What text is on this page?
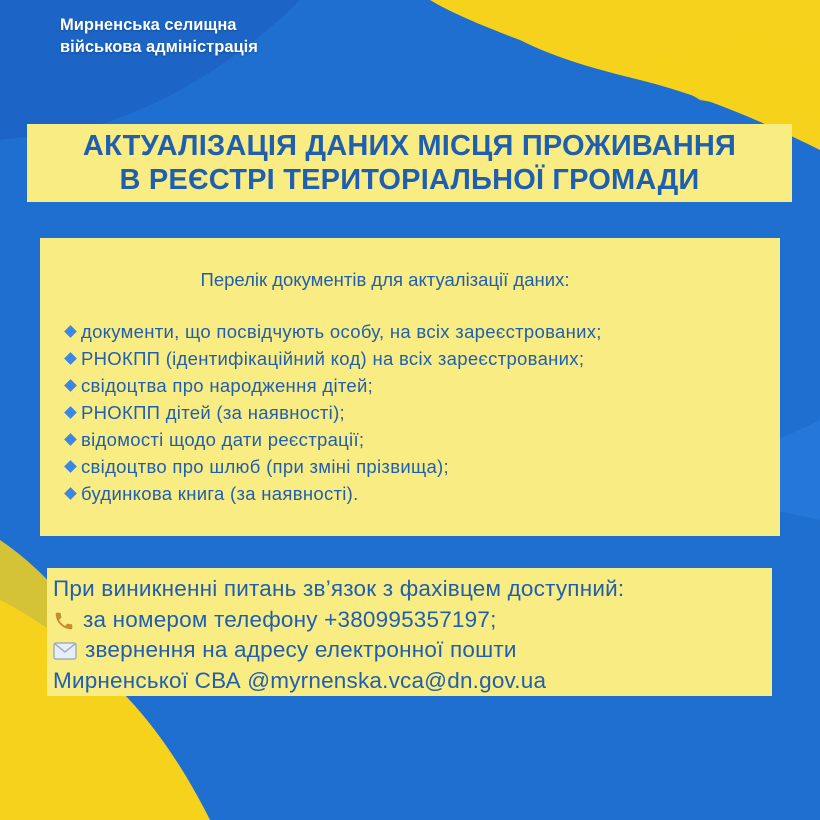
Мирненська селищна
військова адміністрація

АКТУАЛІЗАЦІЯ ДАНИХ МІСЦЯ ПРОЖИВАННЯ
В РЕЄСТРІ ТЕРИТОРІАЛЬНОЇ ГРОМАДИ

Перелік документів для актуалізації даних:

документи, що посвідчують особу, на всіх зареєстрованих;
РНОКПП (ідентифікаційний код) на всіх зареєстрованих;
свідоцтва про народження дітей;
РНОКПП дітей (за наявності);
відомості щодо дати реєстрації;
свідоцтво про шлюб (при зміні прізвища);
будинкова книга (за наявності).

При виникненні питань зв’язок з фахівцем доступний:

за номером телефону +380995357197;

звернення на адресу електронної пошти

Мирненської СВА @myrnenska.vca@dn.gov.ua
